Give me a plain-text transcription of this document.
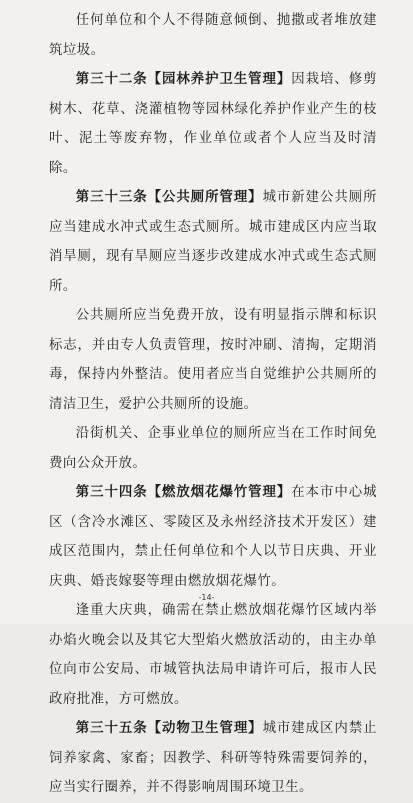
任何单位和个人不得随意倾倒、抛撒或者堆放建筑垃圾。

第三十二条【园林养护卫生管理】因栽培、修剪树木、花草、浇灌植物等园林绿化养护作业产生的枝叶、泥土等废弃物，作业单位或者个人应当及时清除。

第三十三条【公共厕所管理】城市新建公共厕所应当建成水冲式或生态式厕所。城市建成区内应当取消旱厕，现有旱厕应当逐步改建成水冲式或生态式厕所。

公共厕所应当免费开放，设有明显指示牌和标识标志，并由专人负责管理，按时冲刷、清掏，定期消毒，保持内外整洁。使用者应当自觉维护公共厕所的清洁卫生，爱护公共厕所的设施。

沿街机关、企事业单位的厕所应当在工作时间免费向公众开放。

第三十四条【燃放烟花爆竹管理】在本市中心城区（含冷水滩区、零陵区及永州经济技术开发区）建成区范围内，禁止任何单位和个人以节日庆典、开业庆典、婚丧嫁娶等理由燃放烟花爆竹。

逢重大庆典，确需在禁止燃放烟花爆竹区域内举办焰火晚会以及其它大型焰火燃放活动的，由主办单位向市公安局、市城管执法局申请许可后，报市人民政府批准，方可燃放。

第三十五条【动物卫生管理】城市建成区内禁止饲养家禽、家畜；因教学、科研等特殊需要饲养的，应当实行圈养，并不得影响周围环境卫生。

-14-
